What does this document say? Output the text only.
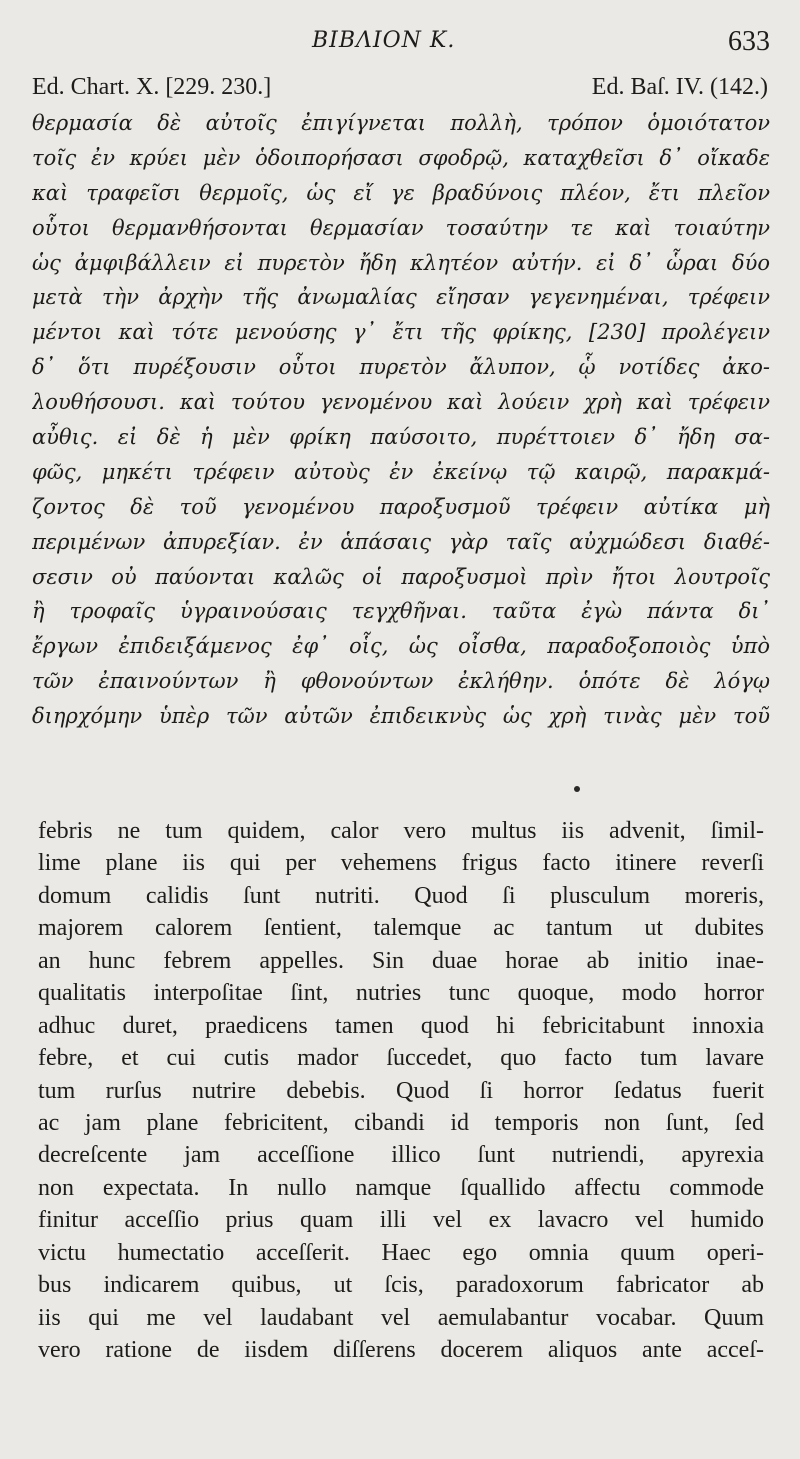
ΒΙΒΛΙΟΝ Κ.	633
Ed. Chart. X. [229. 230.]	Ed. Baſ. IV. (142.)
θερμασία δὲ αὐτοῖς ἐπιγίγνεται πολλὴ, τρόπον ὁμοιότατον
τοῖς ἐν κρύει μὲν ὁδοιπορήσασι σφοδρῷ, καταχθεῖσι δ᾽ οἴκαδε
καὶ τραφεῖσι θερμοῖς, ὡς εἴ γε βραδύνοις πλέον, ἔτι πλεῖον
οὗτοι θερμανθήσονται θερμασίαν τοσαύτην τε καὶ τοιαύτην
ὡς ἀμφιβάλλειν εἰ πυρετὸν ἤδη κλητέον αὐτήν. εἰ δ᾽ ὧραι δύο
μετὰ τὴν ἀρχὴν τῆς ἀνωμαλίας εἴησαν γεγενημέναι, τρέφειν
μέντοι καὶ τότε μενούσης γ᾽ ἔτι τῆς φρίκης, [230] προλέγειν
δ᾽ ὅτι πυρέξουσιν οὗτοι πυρετὸν ἄλυπον, ᾧ νοτίδες ἀκο-
λουθήσουσι. καὶ τούτου γενομένου καὶ λούειν χρὴ καὶ τρέφειν
αὖθις. εἰ δὲ ἡ μὲν φρίκη παύσοιτο, πυρέττοιεν δ᾽ ἤδη σα-
φῶς, μηκέτι τρέφειν αὐτοὺς ἐν ἐκείνῳ τῷ καιρῷ, παρακμά-
ζοντος δὲ τοῦ γενομένου παροξυσμοῦ τρέφειν αὐτίκα μὴ
περιμένων ἀπυρεξίαν. ἐν ἁπάσαις γὰρ ταῖς αὐχμώδεσι διαθέ-
σεσιν οὐ παύονται καλῶς οἱ παροξυσμοὶ πρὶν ἤτοι λουτροῖς
ἢ τροφαῖς ὑγραινούσαις τεγχθῆναι. ταῦτα ἐγὼ πάντα δι᾽
ἔργων ἐπιδειξάμενος ἐφ᾽ οἷς, ὡς οἶσθα, παραδοξοποιὸς ὑπὸ
τῶν ἐπαινούντων ἢ φθονούντων ἐκλήθην. ὁπότε δὲ λόγῳ
διηρχόμην ὑπὲρ τῶν αὐτῶν ἐπιδεικνὺς ὡς χρὴ τινὰς μὲν τοῦ
febris ne tum quidem, calor vero multus iis advenit, ſimil-
lime plane iis qui per vehemens frigus facto itinere reverſi
domum calidis ſunt nutriti. Quod ſi plusculum moreris,
majorem calorem ſentient, talemque ac tantum ut dubites
an hunc febrem appelles. Sin duae horae ab initio inae-
qualitatis interpoſitae ſint, nutries tunc quoque, modo horror
adhuc duret, praedicens tamen quod hi febricitabunt innoxia
febre, et cui cutis mador ſuccedet, quo facto tum lavare
tum rurſus nutrire debebis. Quod ſi horror ſedatus fuerit
ac jam plane febricitent, cibandi id temporis non ſunt, ſed
decreſcente jam acceſſione illico ſunt nutriendi, apyrexia
non expectata. In nullo namque ſquallido affectu commode
finitur acceſſio prius quam illi vel ex lavacro vel humido
victu humectatio acceſſerit. Haec ego omnia quum operi-
bus indicarem quibus, ut ſcis, paradoxorum fabricator ab
iis qui me vel laudabant vel aemulabantur vocabar. Quum
vero ratione de iisdem diſſerens docerem aliquos ante acceſ-
